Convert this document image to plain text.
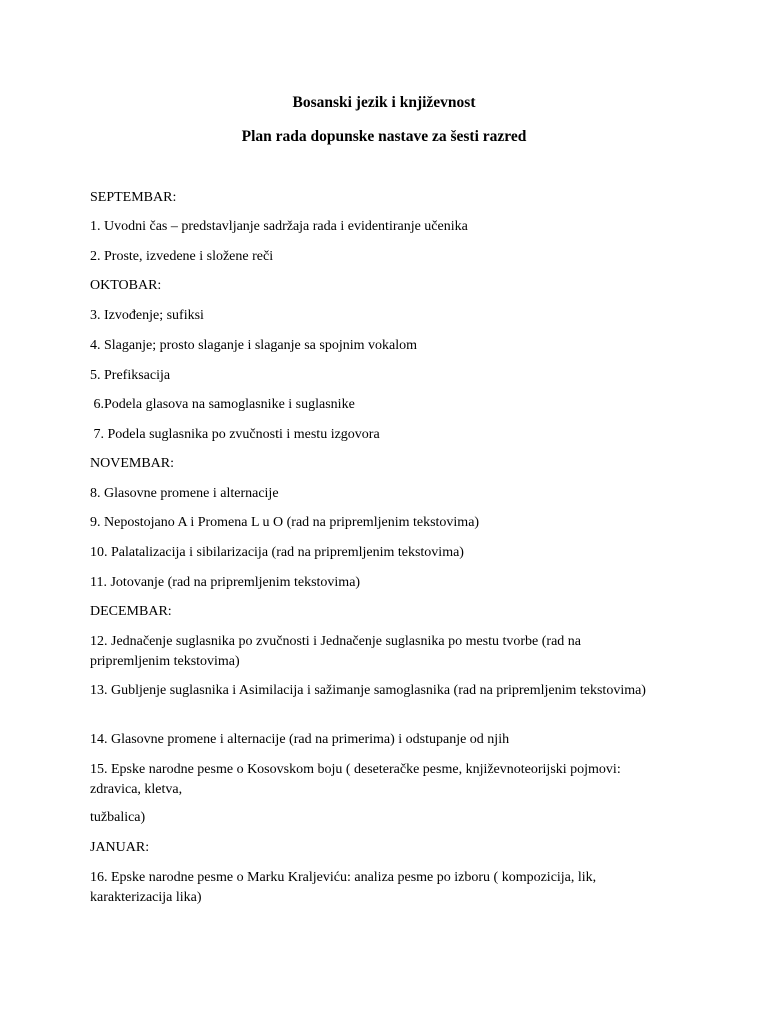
Bosanski jezik i književnost
Plan rada dopunske nastave za šesti razred
SEPTEMBAR:
1. Uvodni čas – predstavljanje sadržaja rada i evidentiranje učenika
2. Proste, izvedene i složene reči
OKTOBAR:
3. Izvođenje; sufiksi
4. Slaganje; prosto slaganje i slaganje sa spojnim vokalom
5. Prefiksacija
6.Podela glasova na samoglasnike i suglasnike
7. Podela suglasnika po zvučnosti i mestu izgovora
NOVEMBAR:
8. Glasovne promene i alternacije
9. Nepostojano A i Promena L u O (rad na pripremljenim tekstovima)
10. Palatalizacija i sibilarizacija (rad na pripremljenim tekstovima)
11. Jotovanje (rad na pripremljenim tekstovima)
DECEMBAR:
12. Jednačenje suglasnika po zvučnosti i Jednačenje suglasnika po mestu tvorbe (rad na pripremljenim tekstovima)
13. Gubljenje suglasnika i Asimilacija i sažimanje samoglasnika (rad na pripremljenim tekstovima)
14. Glasovne promene i alternacije (rad na primerima) i odstupanje od njih
15. Epske narodne pesme o Kosovskom boju ( deseteračke pesme, književnoteorijski pojmovi: zdravica, kletva,
tužbalica)
JANUAR:
16. Epske narodne pesme o Marku Kraljeviću: analiza pesme po izboru ( kompozicija, lik, karakterizacija lika)
